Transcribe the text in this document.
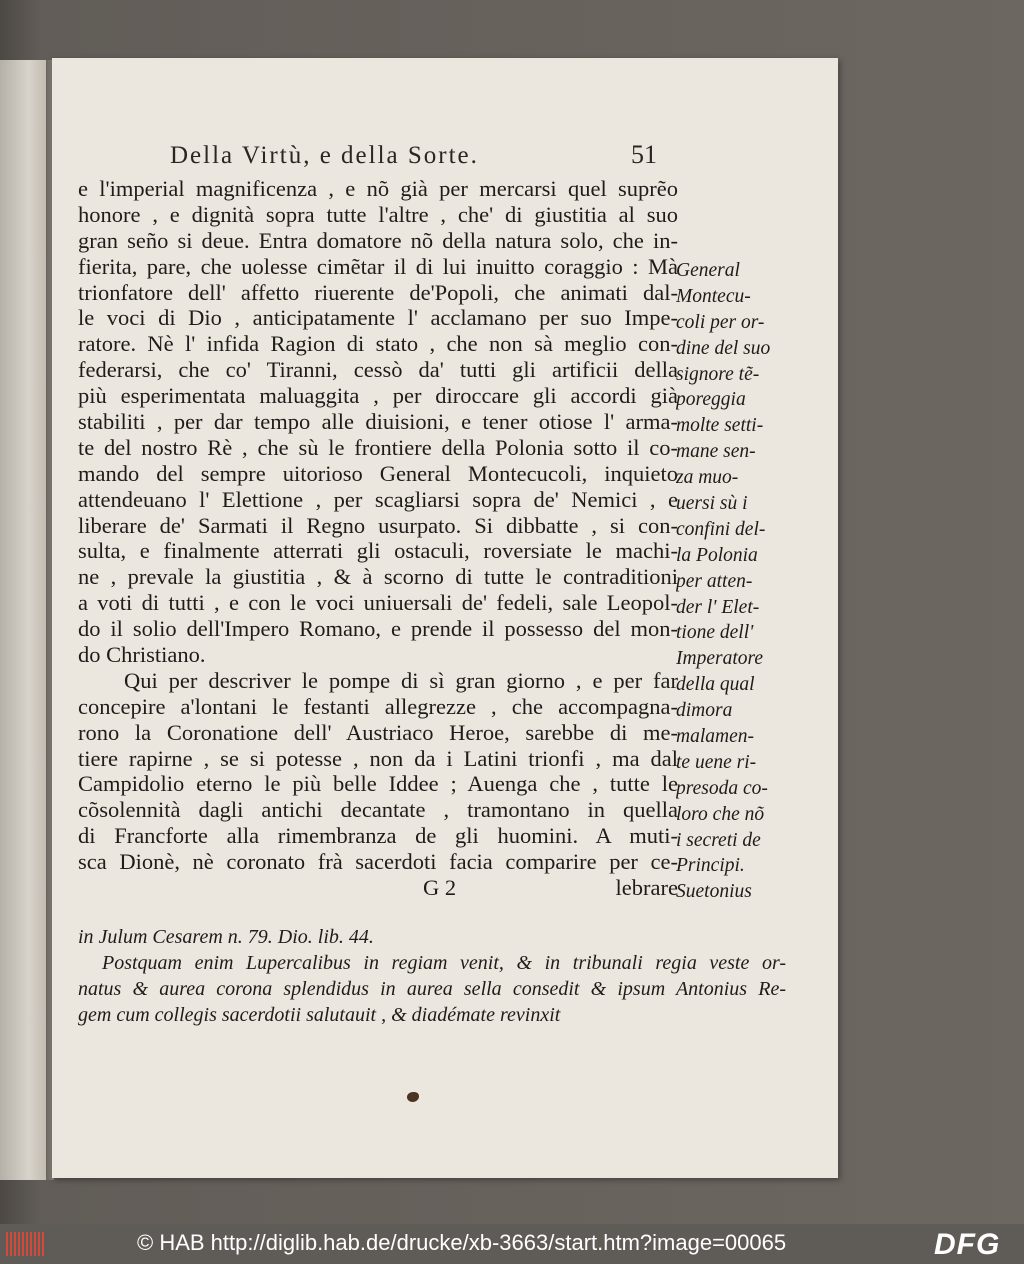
Della Virtù, e della Sorte.	51
e l'imperial magnificenza , e nõ già per mercarsi quel suprẽo
honore , e dignità sopra tutte l'altre , che' di giustitia al suo
gran seño si deue. Entra domatore nõ della natura solo, che in-
fierita, pare, che uolesse cimẽtar il di lui inuitto coraggio : Mà
trionfatore dell' affetto riuerente de'Popoli, che animati dal-
le voci di Dio , anticipatamente l' acclamano per suo Impe-
ratore. Nè l' infida Ragion di stato , che non sà meglio con-
federarsi, che co' Tiranni, cessò da' tutti gli artificii della
più esperimentata maluaggita , per diroccare gli accordi già
stabiliti , per dar tempo alle diuisioni, e tener otiose l' arma-
te del nostro Rè , che sù le frontiere della Polonia sotto il co-
mando del sempre uitorioso General Montecucoli, inquieto
attendeuano l' Elettione , per scagliarsi sopra de' Nemici , e
liberare de' Sarmati il Regno usurpato. Si dibbatte , si con-
sulta, e finalmente atterrati gli ostaculi, roversiate le machi-
ne , prevale la giustitia , & à scorno di tutte le contraditioni
a voti di tutti , e con le voci uniuersali de' fedeli, sale Leopol-
do il solio dell'Impero Romano, e prende il possesso del mon-
do Christiano.
Qui per descriver le pompe di sì gran giorno , e per far
concepire a'lontani le festanti allegrezze , che accompagna-
rono la Coronatione dell' Austriaco Heroe, sarebbe di me-
tiere rapirne , se si potesse , non da i Latini trionfi , ma dal
Campidolio eterno le più belle Iddee ; Auenga che , tutte le
cõsolennità dagli antichi decantate , tramontano in quella
di Francforte alla rimembranza de gli huomini. A muti-
sca Dionè, nè coronato frà sacerdoti facia comparire per ce-
G 2	lebrare
General
Montecu-
coli per or-
dine del suo
signore tẽ-
poreggia
molte setti-
mane sen-
za muo-
uersi sù i
confini del-
la Polonia
per atten-
der l' Elet-
tione dell'
Imperatore
della qual
dimora
malamen-
te uene ri-
presoda co-
loro che nõ
i secreti de
Principi.
Suetonius
in Julum Cesarem n. 79. Dio. lib. 44.
Postquam enim Lupercalibus in regiam venit, & in tribunali regia veste or-
natus & aurea corona splendidus in aurea sella consedit & ipsum Antonius Re-
gem cum collegis sacerdotii salutauit , & diadémate revinxit
© HAB http://diglib.hab.de/drucke/xb-3663/start.htm?image=00065	DFG
